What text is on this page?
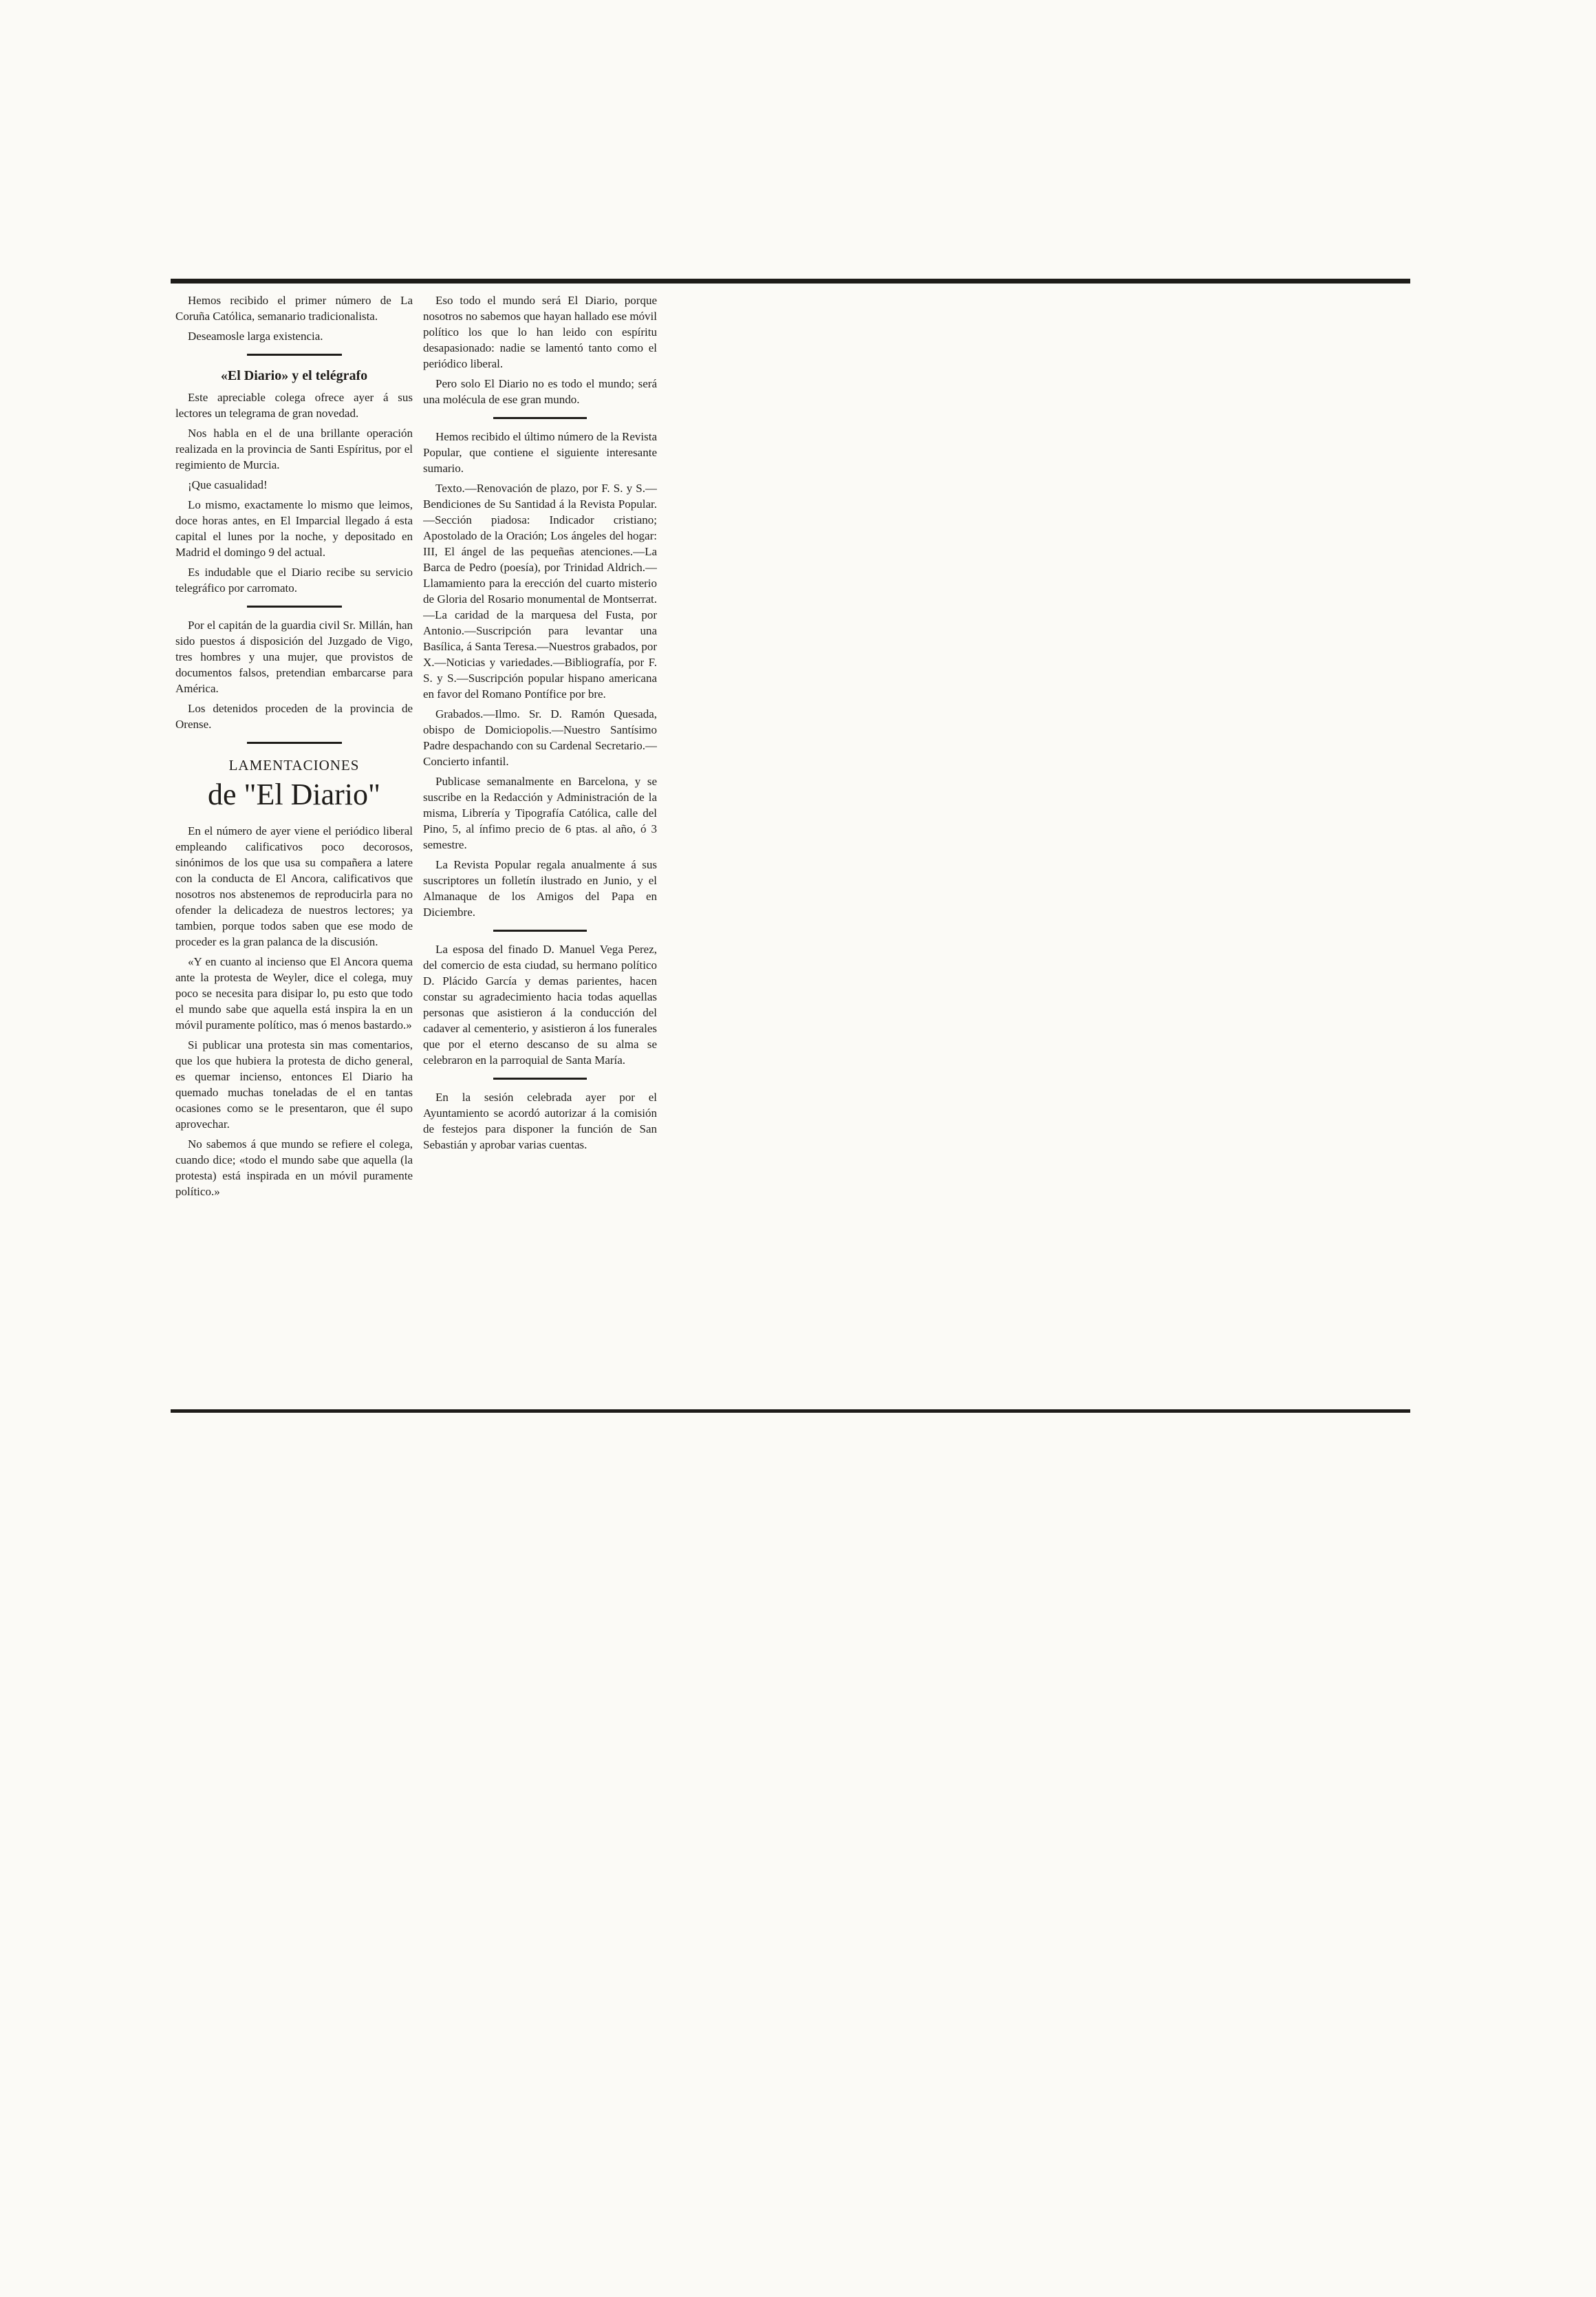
Hemos recibido el primer número de La Coruña Católica, semanario tradicionalista.

Deseamosle larga existencia.

«El Diario» y el telégrafo

Este apreciable colega ofrece ayer á sus lectores un telegrama de gran novedad.

Nos habla en el de una brillante operación realizada en la provincia de Santi Espíritus, por el regimiento de Murcia.

¡Que casualidad!

Lo mismo, exactamente lo mismo que leimos, doce horas antes, en El Imparcial llegado á esta capital el lunes por la noche, y depositado en Madrid el domingo 9 del actual.

Es indudable que el Diario recibe su servicio telegráfico por carromato.

Por el capitán de la guardia civil Sr. Millán, han sido puestos á disposición del Juzgado de Vigo, tres hombres y una mujer, que provistos de documentos falsos, pretendian embarcarse para América.

Los detenidos proceden de la provincia de Orense.

LAMENTACIONES
de "El Diario"

En el número de ayer viene el periódico liberal empleando calificativos poco decorosos, sinónimos de los que usa su compañera a latere con la conducta de El Ancora, calificativos que nosotros nos abstenemos de reproducirla para no ofender la delicadeza de nuestros lectores; ya tambien, porque todos saben que ese modo de proceder es la gran palanca de la discusión.

«Y en cuanto al incienso que El Ancora quema ante la protesta de Weyler, dice el colega, muy poco se necesita para disipar lo, pu esto que todo el mundo sabe que aquella está inspira la en un móvil puramente político, mas ó menos bastardo.»

Si publicar una protesta sin mas comentarios, que los que hubiera la protesta de dicho general, es quemar incienso, entonces El Diario ha quemado muchas toneladas de el en tantas ocasiones como se le presentaron, que él supo aprovechar.

No sabemos á que mundo se refiere el colega, cuando dice; «todo el mundo sabe que aquella (la protesta) está inspirada en un móvil puramente político.»

Eso todo el mundo será El Diario, porque nosotros no sabemos que hayan hallado ese móvil político los que lo han leido con espíritu desapasionado: nadie se lamentó tanto como el periódico liberal.

Pero solo El Diario no es todo el mundo; será una molécula de ese gran mundo.

Hemos recibido el último número de la Revista Popular, que contiene el siguiente interesante sumario.

Texto.—Renovación de plazo, por F. S. y S.—Bendiciones de Su Santidad á la Revista Popular.—Sección piadosa: Indicador cristiano; Apostolado de la Oración; Los ángeles del hogar: III, El ángel de las pequeñas atenciones.—La Barca de Pedro (poesía), por Trinidad Aldrich.—Llamamiento para la erección del cuarto misterio de Gloria del Rosario monumental de Montserrat.—La caridad de la marquesa del Fusta, por Antonio.—Suscripción para levantar una Basílica, á Santa Teresa.—Nuestros grabados, por X.—Noticias y variedades.—Bibliografía, por F. S. y S.—Suscripción popular hispano americana en favor del Romano Pontífice por bre.

Grabados.—Ilmo. Sr. D. Ramón Quesada, obispo de Domiciopolis.—Nuestro Santísimo Padre despachando con su Cardenal Secretario.—Concierto infantil.

Publicase semanalmente en Barcelona, y se suscribe en la Redacción y Administración de la misma, Librería y Tipografía Católica, calle del Pino, 5, al ínfimo precio de 6 ptas. al año, ó 3 semestre.

La Revista Popular regala anualmente á sus suscriptores un folletín ilustrado en Junio, y el Almanaque de los Amigos del Papa en Diciembre.

La esposa del finado D. Manuel Vega Perez, del comercio de esta ciudad, su hermano político D. Plácido García y demas parientes, hacen constar su agradecimiento hacia todas aquellas personas que asistieron á la conducción del cadaver al cementerio, y asistieron á los funerales que por el eterno descanso de su alma se celebraron en la parroquial de Santa María.

En la sesión celebrada ayer por el Ayuntamiento se acordó autorizar á la comisión de festejos para disponer la función de San Sebastián y aprobar varias cuentas.
